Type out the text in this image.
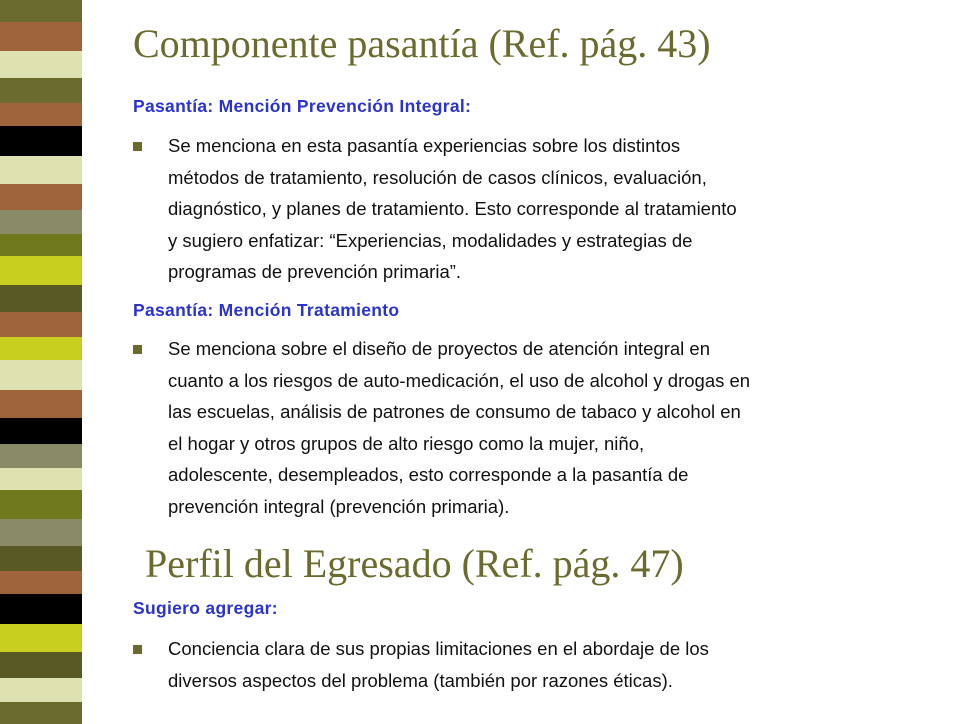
Componente pasantía (Ref. pág. 43)
Pasantía: Mención Prevención Integral:
Se menciona en esta pasantía experiencias sobre los distintos
métodos de tratamiento, resolución de casos clínicos, evaluación,
diagnóstico, y planes de tratamiento. Esto corresponde al tratamiento
y sugiero enfatizar: “Experiencias, modalidades y estrategias de
programas de prevención primaria”.
Pasantía: Mención Tratamiento
Se menciona sobre el diseño de proyectos de atención integral en
cuanto a los riesgos de auto-medicación, el uso de alcohol y drogas en
las escuelas, análisis de patrones de consumo de tabaco y alcohol en
el hogar y otros grupos de alto riesgo como la mujer, niño,
adolescente, desempleados, esto corresponde a la pasantía de
prevención integral (prevención primaria).
Perfil del Egresado (Ref. pág. 47)
Sugiero agregar:
Conciencia clara de sus propias limitaciones en el abordaje de los
diversos aspectos del problema (también por razones éticas).
